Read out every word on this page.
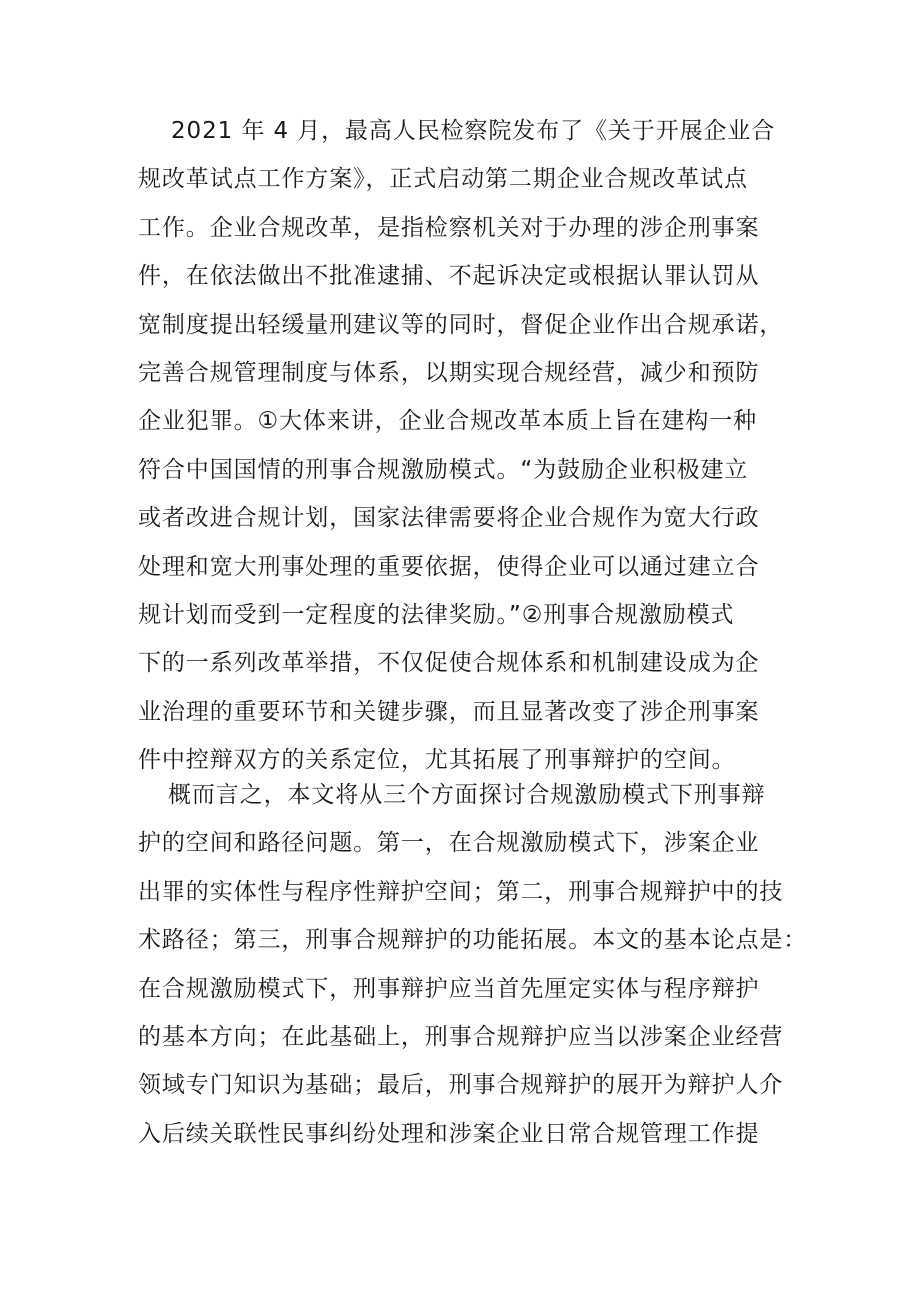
2021 年 4 月，最高人民检察院发布了《关于开展企业合
规改革试点工作方案》，正式启动第二期企业合规改革试点
工作。企业合规改革，是指检察机关对于办理的涉企刑事案
件，在依法做出不批准逮捕、不起诉决定或根据认罪认罚从
宽制度提出轻缓量刑建议等的同时，督促企业作出合规承诺，
完善合规管理制度与体系，以期实现合规经营，减少和预防
企业犯罪。①大体来讲，企业合规改革本质上旨在建构一种
符合中国国情的刑事合规激励模式。“为鼓励企业积极建立
或者改进合规计划，国家法律需要将企业合规作为宽大行政
处理和宽大刑事处理的重要依据，使得企业可以通过建立合
规计划而受到一定程度的法律奖励。”②刑事合规激励模式
下的一系列改革举措，不仅促使合规体系和机制建设成为企
业治理的重要环节和关键步骤，而且显著改变了涉企刑事案
件中控辩双方的关系定位，尤其拓展了刑事辩护的空间。
概而言之，本文将从三个方面探讨合规激励模式下刑事辩
护的空间和路径问题。第一，在合规激励模式下，涉案企业
出罪的实体性与程序性辩护空间；第二，刑事合规辩护中的技
术路径；第三，刑事合规辩护的功能拓展。本文的基本论点是：
在合规激励模式下，刑事辩护应当首先厘定实体与程序辩护
的基本方向；在此基础上，刑事合规辩护应当以涉案企业经营
领域专门知识为基础；最后，刑事合规辩护的展开为辩护人介
入后续关联性民事纠纷处理和涉案企业日常合规管理工作提
